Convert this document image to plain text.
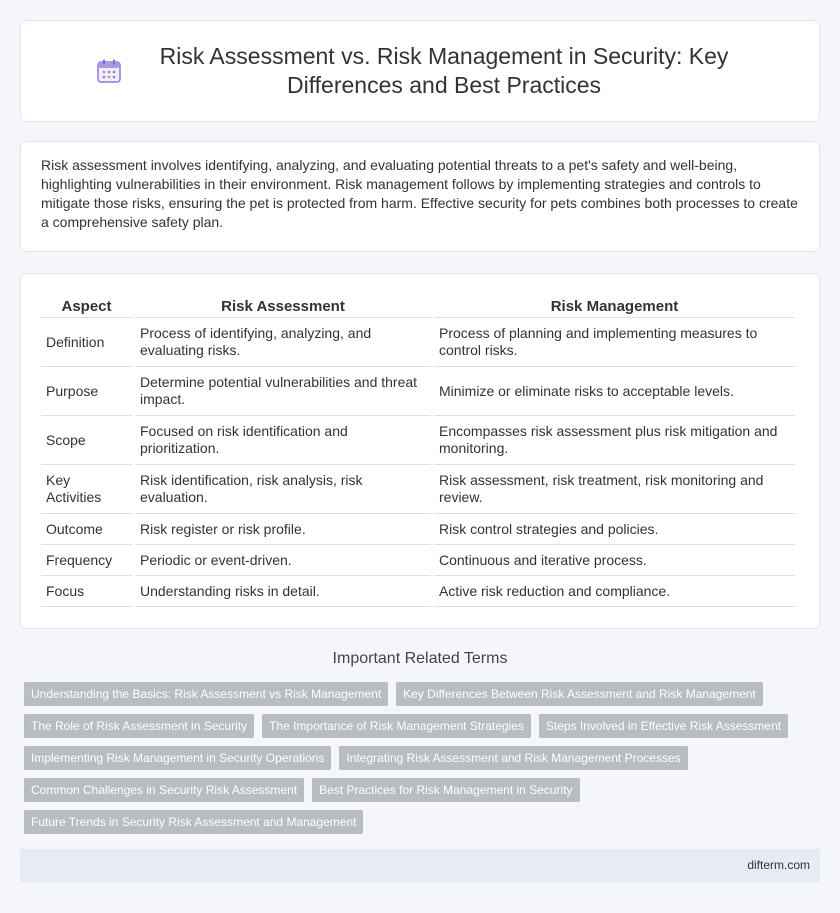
Risk Assessment vs. Risk Management in Security: Key Differences and Best Practices

Risk assessment involves identifying, analyzing, and evaluating potential threats to a pet's safety and well-being, highlighting vulnerabilities in their environment. Risk management follows by implementing strategies and controls to mitigate those risks, ensuring the pet is protected from harm. Effective security for pets combines both processes to create a comprehensive safety plan.

Aspect	Risk Assessment	Risk Management
Definition	Process of identifying, analyzing, and evaluating risks.	Process of planning and implementing measures to control risks.
Purpose	Determine potential vulnerabilities and threat impact.	Minimize or eliminate risks to acceptable levels.
Scope	Focused on risk identification and prioritization.	Encompasses risk assessment plus risk mitigation and monitoring.
Key Activities	Risk identification, risk analysis, risk evaluation.	Risk assessment, risk treatment, risk monitoring and review.
Outcome	Risk register or risk profile.	Risk control strategies and policies.
Frequency	Periodic or event-driven.	Continuous and iterative process.
Focus	Understanding risks in detail.	Active risk reduction and compliance.
Important Related Terms
Understanding the Basics: Risk Assessment vs Risk Management	Key Differences Between Risk Assessment and Risk Management
The Role of Risk Assessment in Security	The Importance of Risk Management Strategies	Steps Involved in Effective Risk Assessment
Implementing Risk Management in Security Operations	Integrating Risk Assessment and Risk Management Processes
Common Challenges in Security Risk Assessment	Best Practices for Risk Management in Security
Future Trends in Security Risk Assessment and Management
difterm.com
